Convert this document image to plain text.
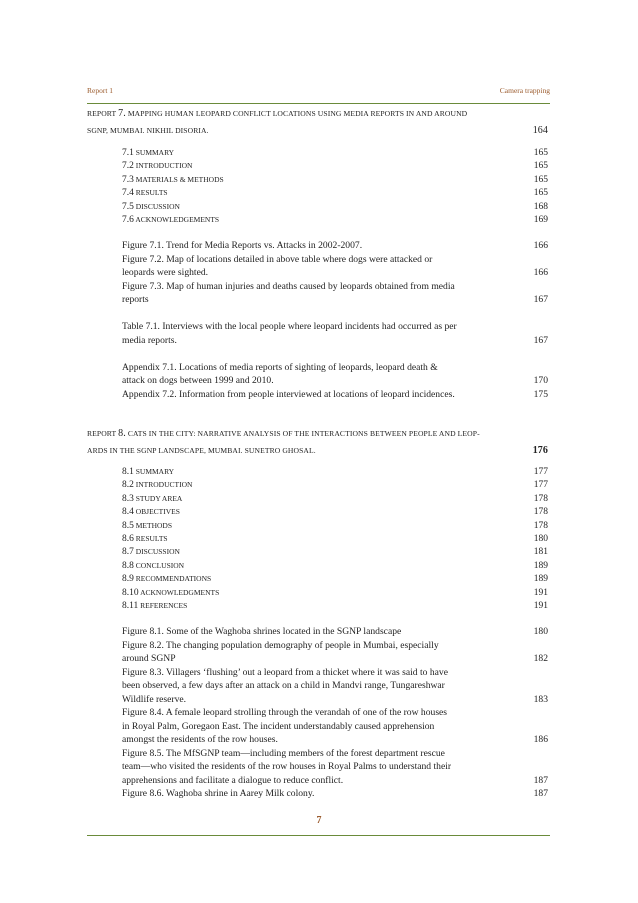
Report 1	Camera trapping
REPORT 7. MAPPING HUMAN LEOPARD CONFLICT LOCATIONS USING MEDIA REPORTS IN AND AROUND
SGNP, MUMBAI. NIKHIL DISORIA.	164
7.1 SUMMARY	165
7.2 INTRODUCTION	165
7.3 MATERIALS & METHODS	165
7.4 RESULTS	165
7.5 DISCUSSION	168
7.6 ACKNOWLEDGEMENTS	169
Figure 7.1. Trend for Media Reports vs. Attacks in 2002-2007.	166
Figure 7.2. Map of locations detailed in above table where dogs were attacked or
leopards were sighted.	166
Figure 7.3. Map of human injuries and deaths caused by leopards obtained from media
reports	167
Table 7.1. Interviews with the local people where leopard incidents had occurred as per
media reports.	167
Appendix 7.1. Locations of media reports of sighting of leopards, leopard death &
attack on dogs between 1999 and 2010.	170
Appendix 7.2. Information from people interviewed at locations of leopard incidences.	175
REPORT 8. CATS IN THE CITY: NARRATIVE ANALYSIS OF THE INTERACTIONS BETWEEN PEOPLE AND LEOP-
ARDS IN THE SGNP LANDSCAPE, MUMBAI. SUNETRO GHOSAL.	176
8.1 SUMMARY	177
8.2 INTRODUCTION	177
8.3 STUDY AREA	178
8.4 OBJECTIVES	178
8.5 METHODS	178
8.6 RESULTS	180
8.7 DISCUSSION	181
8.8 CONCLUSION	189
8.9 RECOMMENDATIONS	189
8.10 ACKNOWLEDGMENTS	191
8.11 REFERENCES	191
Figure 8.1. Some of the Waghoba shrines located in the SGNP landscape	180
Figure 8.2. The changing population demography of people in Mumbai, especially
around SGNP	182
Figure 8.3. Villagers ‘flushing’ out a leopard from a thicket where it was said to have
been observed, a few days after an attack on a child in Mandvi range, Tungareshwar
Wildlife reserve.	183
Figure 8.4. A female leopard strolling through the verandah of one of the row houses
in Royal Palm, Goregaon East. The incident understandably caused apprehension
amongst the residents of the row houses.	186
Figure 8.5. The MfSGNP team—including members of the forest department rescue
team—who visited the residents of the row houses in Royal Palms to understand their
apprehensions and facilitate a dialogue to reduce conflict.	187
Figure 8.6. Waghoba shrine in Aarey Milk colony.	187
7
